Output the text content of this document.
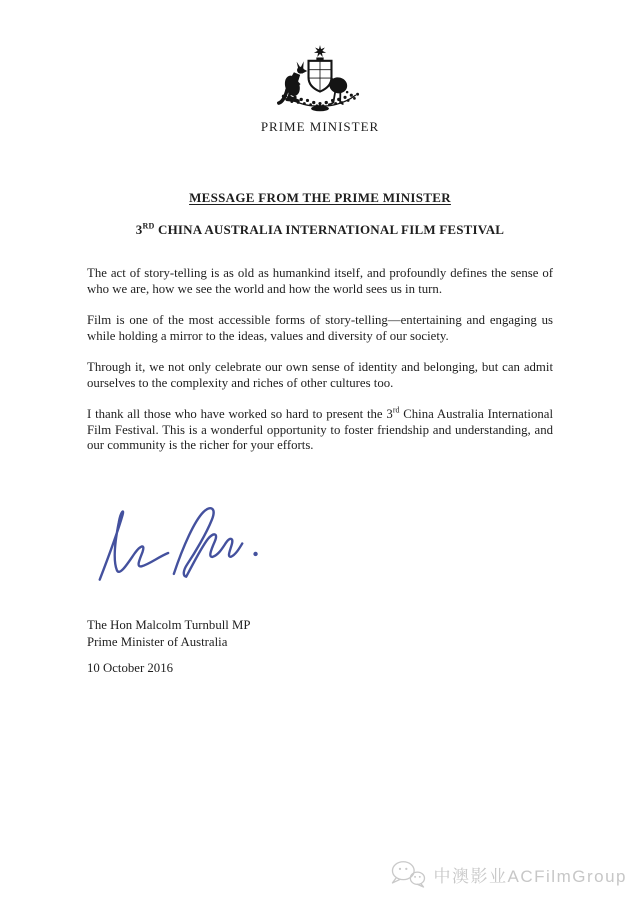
PRIME MINISTER
MESSAGE FROM THE PRIME MINISTER
3RD CHINA AUSTRALIA INTERNATIONAL FILM FESTIVAL

The act of story-telling is as old as humankind itself, and profoundly defines the sense of who we are, how we see the world and how the world sees us in turn.

Film is one of the most accessible forms of story-telling—entertaining and engaging us while holding a mirror to the ideas, values and diversity of our society.

Through it, we not only celebrate our own sense of identity and belonging, but can admit ourselves to the complexity and riches of other cultures too.

I thank all those who have worked so hard to present the 3rd China Australia International Film Festival. This is a wonderful opportunity to foster friendship and understanding, and our community is the richer for your efforts.

The Hon Malcolm Turnbull MP
Prime Minister of Australia
10 October 2016
中澳影业ACFilmGroup
